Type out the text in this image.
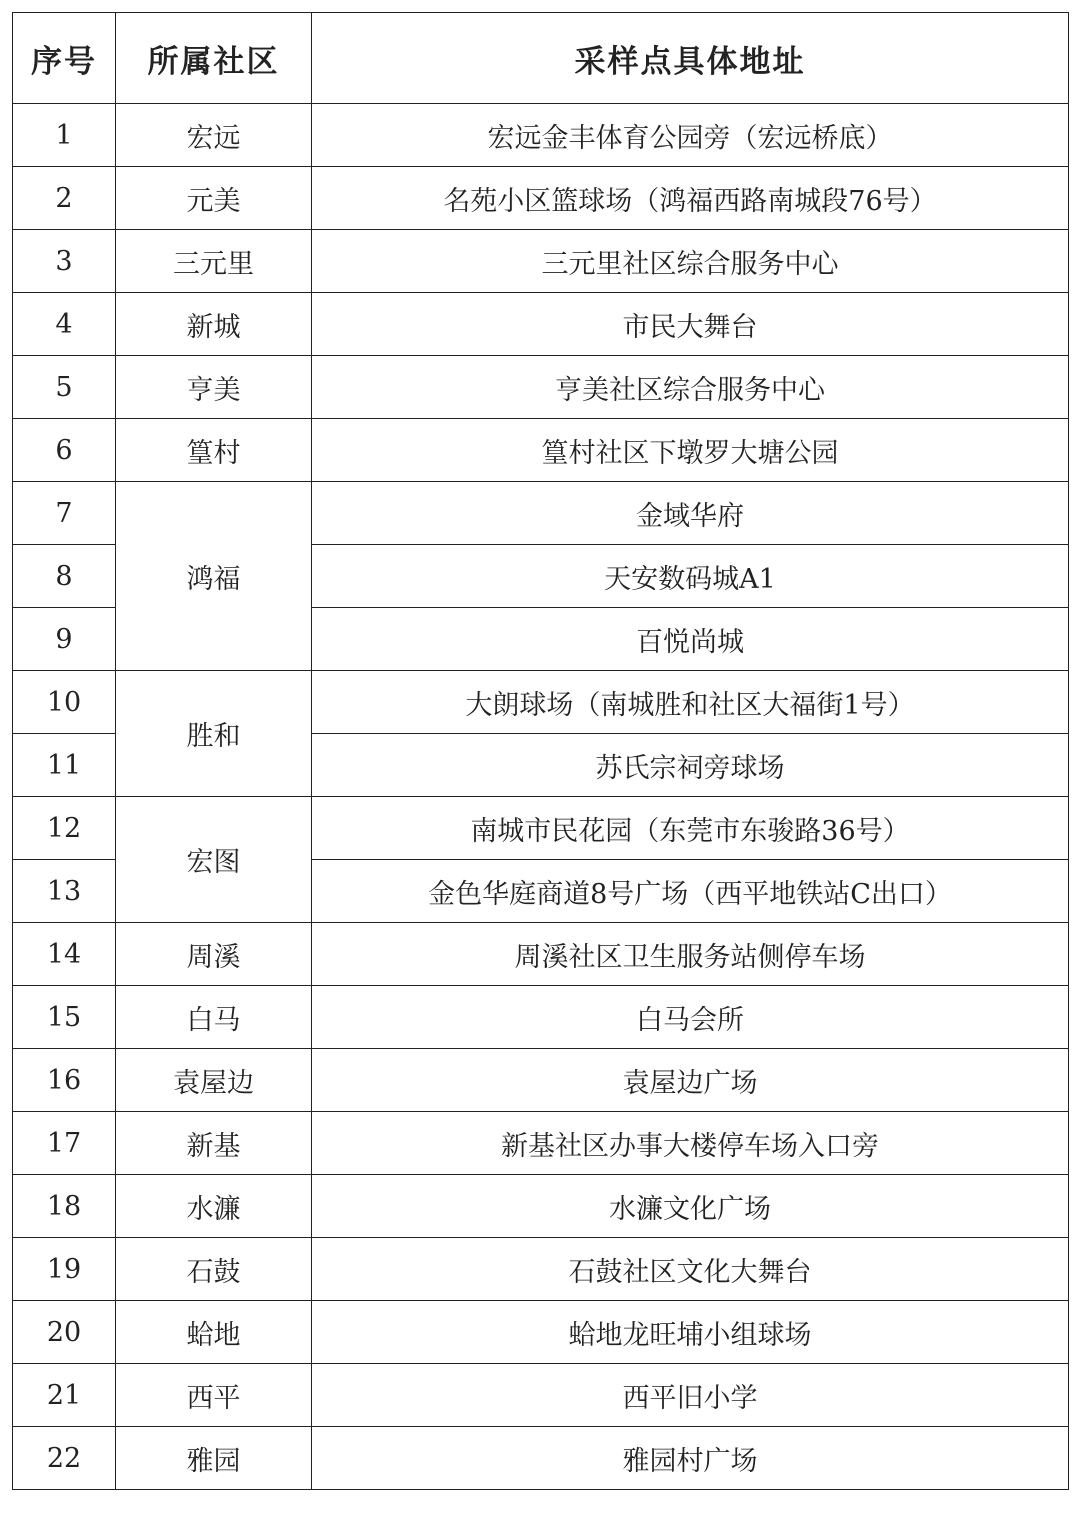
序号	所属社区	采样点具体地址
1	宏远	宏远金丰体育公园旁（宏远桥底）
2	元美	名苑小区篮球场（鸿福西路南城段76号）
3	三元里	三元里社区综合服务中心
4	新城	市民大舞台
5	亨美	亨美社区综合服务中心
6	篁村	篁村社区下墩罗大塘公园
7	鸿福	金域华府
8		天安数码城A1
9		百悦尚城
10	胜和	大朗球场（南城胜和社区大福街1号）
11		苏氏宗祠旁球场
12	宏图	南城市民花园（东莞市东骏路36号）
13		金色华庭商道8号广场（西平地铁站C出口）
14	周溪	周溪社区卫生服务站侧停车场
15	白马	白马会所
16	袁屋边	袁屋边广场
17	新基	新基社区办事大楼停车场入口旁
18	水濂	水濂文化广场
19	石鼓	石鼓社区文化大舞台
20	蛤地	蛤地龙旺埔小组球场
21	西平	西平旧小学
22	雅园	雅园村广场
